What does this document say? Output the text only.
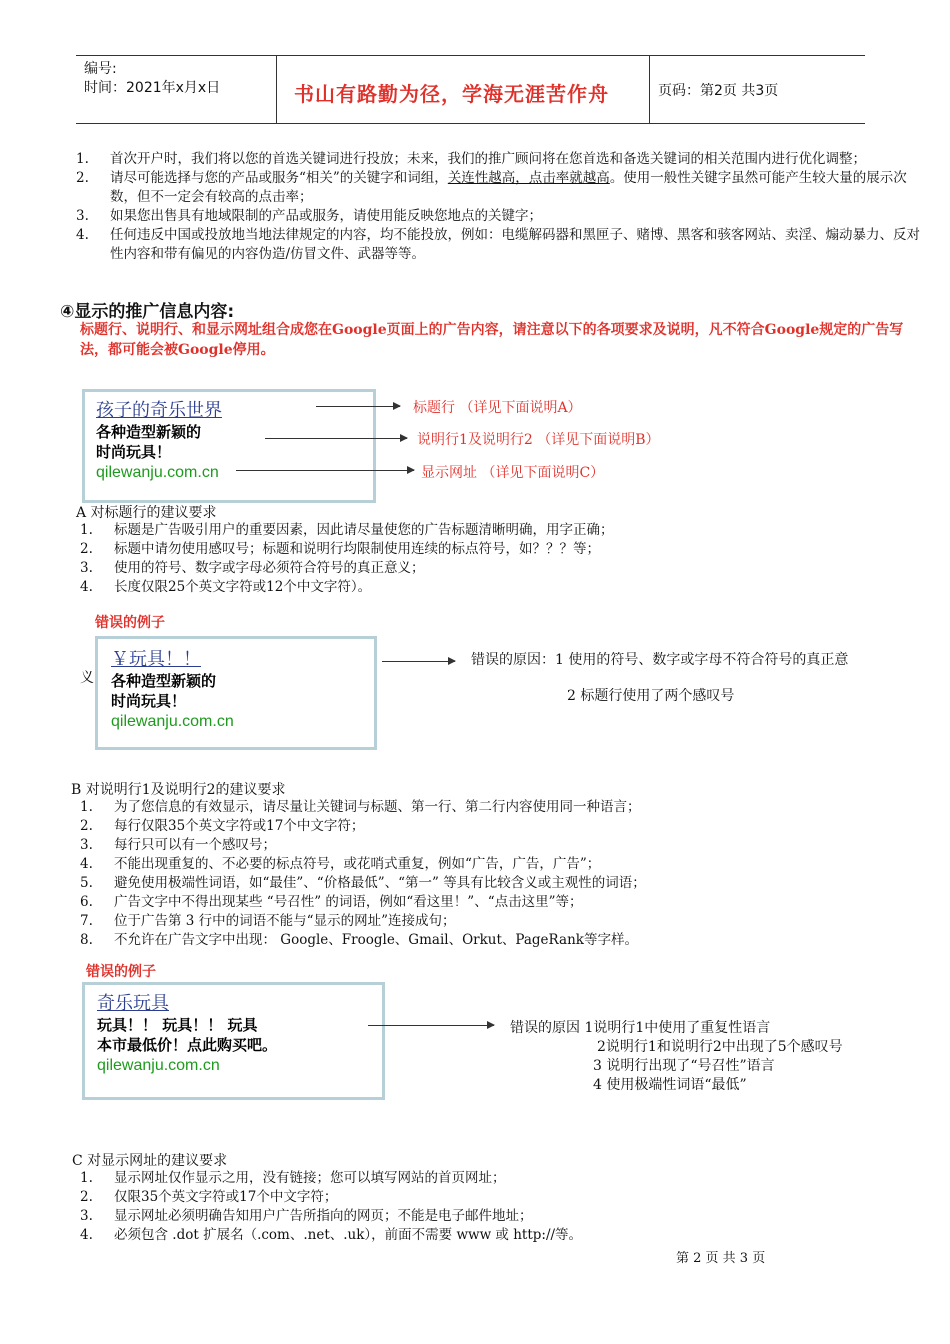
编号:
时间：2021年x月x日	书山有路勤为径，学海无涯苦作舟	页码：第2页 共3页
1.	首次开户时，我们将以您的首选关键词进行投放；未来，我们的推广顾问将在您首选和备选关键词的相关范围内进行优化调整；
2.	请尽可能选择与您的产品或服务“相关”的关键字和词组，关连性越高，点击率就越高。使用一般性关键字虽然可能产生较大量的展示次数，但不一定会有较高的点击率；
3.	如果您出售具有地域限制的产品或服务，请使用能反映您地点的关键字；
4.	任何违反中国或投放地当地法律规定的内容，均不能投放，例如：电缆解码器和黑匣子、赌博、黑客和骇客网站、卖淫、煽动暴力、反对性内容和带有偏见的内容伪造/仿冒文件、武器等等。
④显示的推广信息内容:
标题行、说明行、和显示网址组合成您在Google页面上的广告内容，请注意以下的各项要求及说明，凡不符合Google规定的广告写法，都可能会被Google停用。
孩子的奇乐世界
各种造型新颖的
时尚玩具！
qilewanju.com.cn
标题行 （详见下面说明A）
说明行1及说明行2 （详见下面说明B）
显示网址 （详见下面说明C）
A 对标题行的建议要求
1.	标题是广告吸引用户的重要因素，因此请尽量使您的广告标题清晰明确，用字正确；
2.	标题中请勿使用感叹号；标题和说明行均限制使用连续的标点符号，如？？？等；
3.	使用的符号、数字或字母必须符合符号的真正意义；
4.	长度仅限25个英文字符或12个中文字符）。
错误的例子
￥玩具！！
各种造型新颖的
时尚玩具！
qilewanju.com.cn
义
错误的原因：1 使用的符号、数字或字母不符合符号的真正意
2 标题行使用了两个感叹号
B 对说明行1及说明行2的建议要求
1.	为了您信息的有效显示，请尽量让关键词与标题、第一行、第二行内容使用同一种语言；
2.	每行仅限35个英文字符或17个中文字符；
3.	每行只可以有一个感叹号；
4.	不能出现重复的、不必要的标点符号，或花哨式重复，例如“广告，广告，广告”；
5.	避免使用极端性词语，如“最佳”、“价格最低”、“第一” 等具有比较含义或主观性的词语；
6.	广告文字中不得出现某些 “号召性” 的词语，例如“看这里！”、“点击这里”等；
7.	位于广告第 3 行中的词语不能与“显示的网址”连接成句；
8.	不允许在广告文字中出现： Google、Froogle、Gmail、Orkut、PageRank等字样。
错误的例子
奇乐玩具
玩具！！ 玩具！！ 玩具
本市最低价！点此购买吧。
qilewanju.com.cn
错误的原因 1说明行1中使用了重复性语言
2说明行1和说明行2中出现了5个感叹号
3 说明行出现了“号召性”语言
4 使用极端性词语“最低”
C 对显示网址的建议要求
1.	显示网址仅作显示之用，没有链接；您可以填写网站的首页网址；
2.	仅限35个英文字符或17个中文字符；
3.	显示网址必须明确告知用户广告所指向的网页；不能是电子邮件地址；
4.	必须包含 .dot 扩展名（.com、.net、.uk），前面不需要 www 或 http://等。
第 2 页 共 3 页
